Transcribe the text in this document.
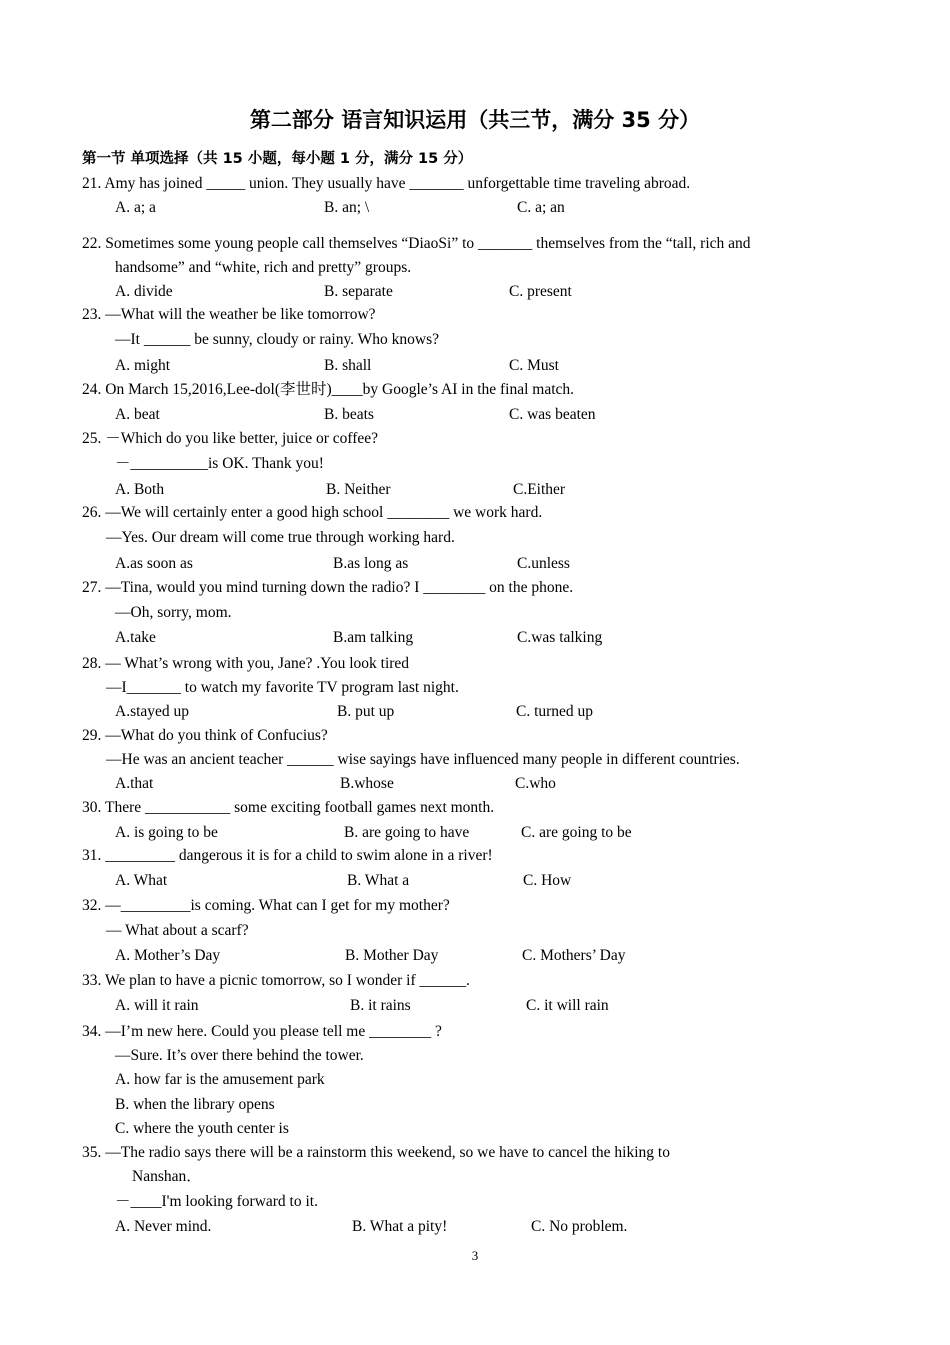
第二部分 语言知识运用（共三节，满分 35 分）
第一节 单项选择（共 15 小题，每小题 1 分，满分 15 分）
21. Amy has joined _____ union. They usually have _______ unforgettable time traveling abroad.
A. a; a	B. an; \	C. a; an
22. Sometimes some young people call themselves “DiaoSi” to _______ themselves from the “tall, rich and
handsome” and “white, rich and pretty” groups.
A. divide	B. separate	C. present
23. —What will the weather be like tomorrow?
—It ______ be sunny, cloudy or rainy. Who knows?
A. might	B. shall	C. Must
24. On March 15,2016,Lee-dol(李世时)____by Google’s AI in the final match.
A. beat	B. beats	C. was beaten
25. －Which do you like better, juice or coffee?
－__________is OK. Thank you!
A. Both	B. Neither	C.Either
26. —We will certainly enter a good high school ________ we work hard.
—Yes. Our dream will come true through working hard.
A.as soon as	B.as long as	C.unless
27. —Tina, would you mind turning down the radio? I ________ on the phone.
—Oh, sorry, mom.
A.take	B.am talking	C.was talking
28. — What’s wrong with you, Jane? .You look tired
—I_______ to watch my favorite TV program last night.
A.stayed up	B. put up	C. turned up
29. —What do you think of Confucius?
—He was an ancient teacher ______ wise sayings have influenced many people in different countries.
A.that	B.whose	C.who
30. There ___________ some exciting football games next month.
A. is going to be	B. are going to have	C. are going to be
31. _________ dangerous it is for a child to swim alone in a river!
A. What	B. What a	C. How
32. —_________is coming. What can I get for my mother?
— What about a scarf?
A. Mother’s Day	B. Mother Day	C. Mothers’ Day
33. We plan to have a picnic tomorrow, so I wonder if ______.
A. will it rain	B. it rains	C. it will rain
34. —I’m new here. Could you please tell me ________ ?
—Sure. It’s over there behind the tower.
A. how far is the amusement park
B. when the library opens
C. where the youth center is
35. —The radio says there will be a rainstorm this weekend, so we have to cancel the hiking to
Nanshan．
－____I'm looking forward to it.
A. Never mind.	B. What a pity!	C. No problem.
3
